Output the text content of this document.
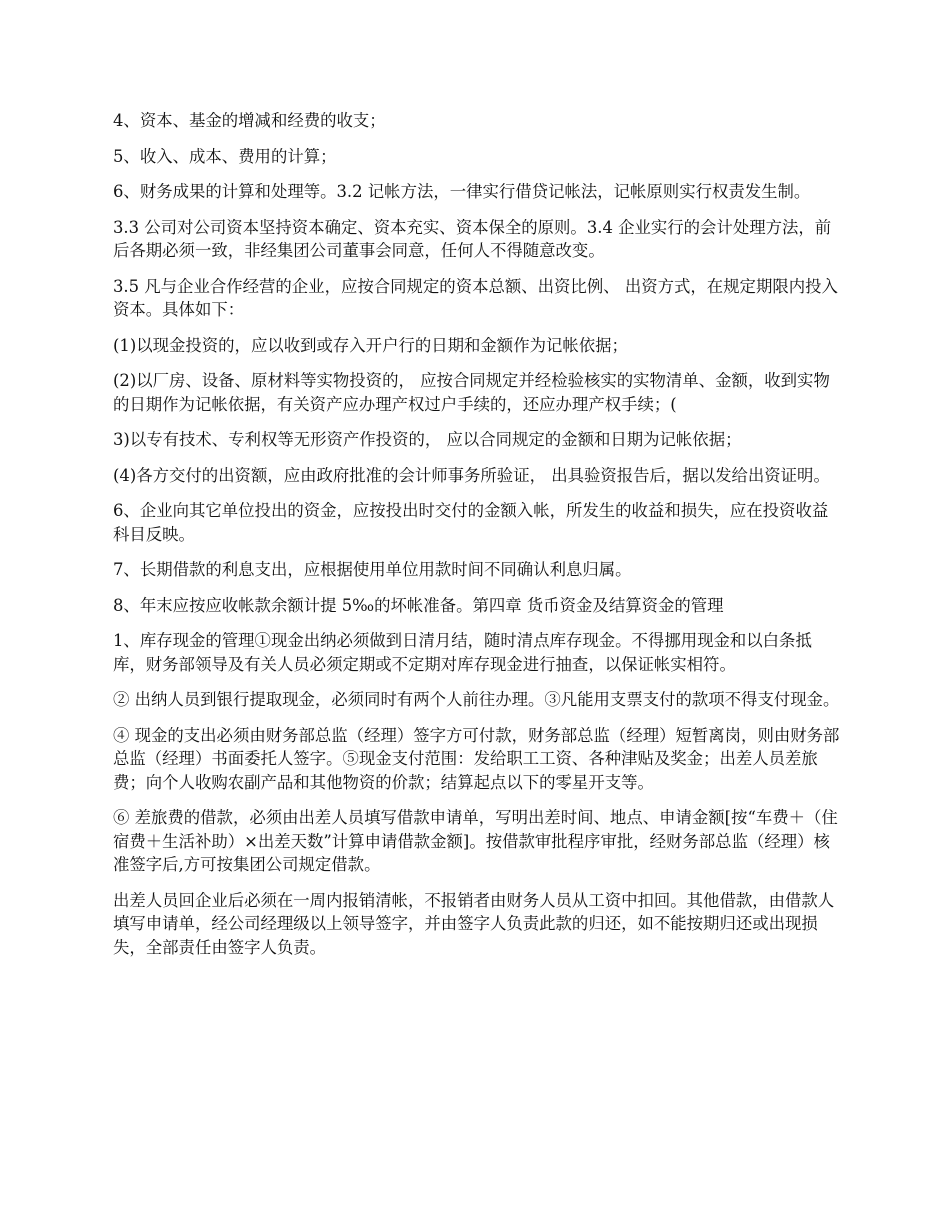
4、资本、基金的增减和经费的收支；

5、收入、成本、费用的计算；

6、财务成果的计算和处理等。3.2 记帐方法，一律实行借贷记帐法，记帐原则实行权责发生制。

3.3 公司对公司资本坚持资本确定、资本充实、资本保全的原则。3.4 企业实行的会计处理方法，前后各期必须一致，非经集团公司董事会同意，任何人不得随意改变。

3.5 凡与企业合作经营的企业，应按合同规定的资本总额、出资比例、 出资方式，在规定期限内投入资本。具体如下：

(1)以现金投资的，应以收到或存入开户行的日期和金额作为记帐依据；

(2)以厂房、设备、原材料等实物投资的， 应按合同规定并经检验核实的实物清单、金额，收到实物的日期作为记帐依据，有关资产应办理产权过户手续的，还应办理产权手续；(

3)以专有技术、专利权等无形资产作投资的， 应以合同规定的金额和日期为记帐依据；

(4)各方交付的出资额，应由政府批准的会计师事务所验证， 出具验资报告后，据以发给出资证明。

6、企业向其它单位投出的资金，应按投出时交付的金额入帐，所发生的收益和损失，应在投资收益科目反映。

7、长期借款的利息支出，应根据使用单位用款时间不同确认利息归属。

8、年末应按应收帐款余额计提 5‰的坏帐准备。第四章 货币资金及结算资金的管理

1、库存现金的管理①现金出纳必须做到日清月结，随时清点库存现金。不得挪用现金和以白条抵库，财务部领导及有关人员必须定期或不定期对库存现金进行抽查，以保证帐实相符。

② 出纳人员到银行提取现金，必须同时有两个人前往办理。③凡能用支票支付的款项不得支付现金。

④ 现金的支出必须由财务部总监（经理）签字方可付款，财务部总监（经理）短暂离岗，则由财务部总监（经理）书面委托人签字。⑤现金支付范围：发给职工工资、各种津贴及奖金；出差人员差旅费；向个人收购农副产品和其他物资的价款；结算起点以下的零星开支等。

⑥ 差旅费的借款，必须由出差人员填写借款申请单，写明出差时间、地点、申请金额[按“车费＋（住宿费＋生活补助）×出差天数”计算申请借款金额]。按借款审批程序审批，经财务部总监（经理）核准签字后,方可按集团公司规定借款。

出差人员回企业后必须在一周内报销清帐，不报销者由财务人员从工资中扣回。其他借款，由借款人填写申请单，经公司经理级以上领导签字，并由签字人负责此款的归还，如不能按期归还或出现损失，全部责任由签字人负责。
